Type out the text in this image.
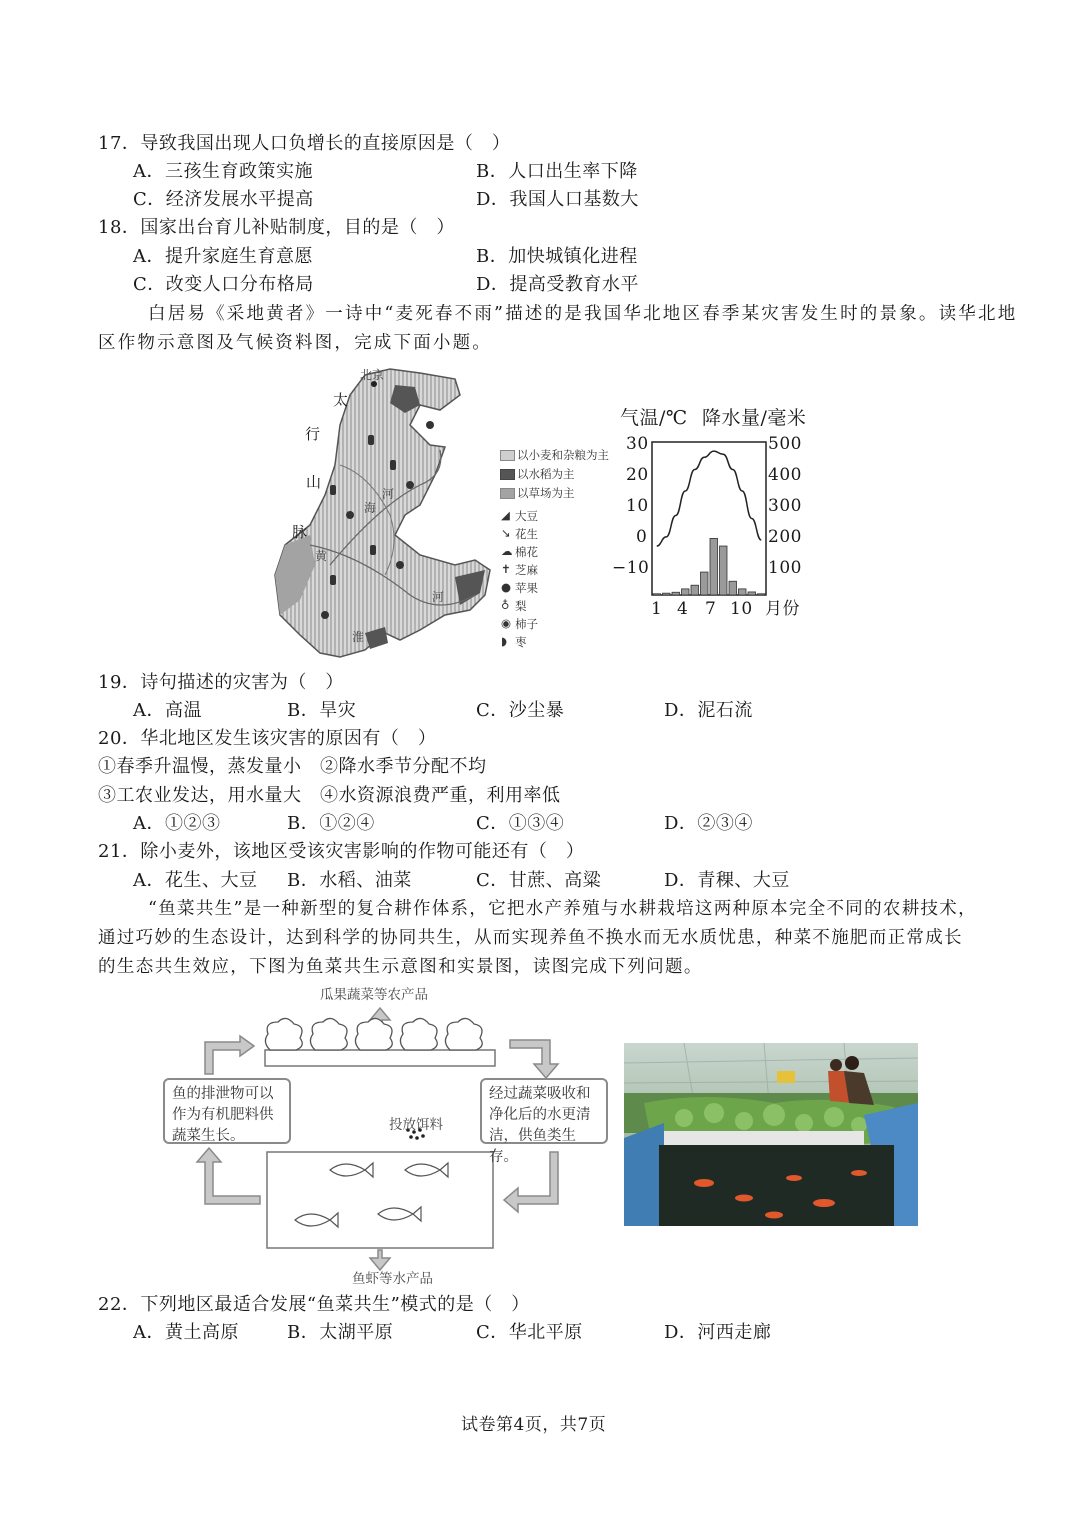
17．导致我国出现人口负增长的直接原因是（　）
A．三孩生育政策实施	B．人口出生率下降
C．经济发展水平提高	D．我国人口基数大
18．国家出台育儿补贴制度，目的是（　）
A．提升家庭生育意愿	B．加快城镇化进程
C．改变人口分布格局	D．提高受教育水平
白居易《采地黄者》一诗中“麦死春不雨”描述的是我国华北地区春季某灾害发生时的景象。读华北地
区作物示意图及气候资料图，完成下面小题。
北京
太
行
山
脉
黄
河
海
河
淮
以小麦和杂粮为主
以水稻为主
以草场为主
◢ 大豆
↘ 花生
☁ 棉花
✝ 芝麻
● 苹果
♁ 梨
◉ 柿子
◗ 枣
气温/℃ 降水量/毫米
30
20
10
0
−10
500
400
300
200
100
1 4 7 10 月份
19．诗句描述的灾害为（　）
A．高温	B．旱灾	C．沙尘暴	D．泥石流
20．华北地区发生该灾害的原因有（　）
①春季升温慢，蒸发量小　②降水季节分配不均
③工农业发达，用水量大　④水资源浪费严重，利用率低
A．①②③	B．①②④	C．①③④	D．②③④
21．除小麦外，该地区受该灾害影响的作物可能还有（　）
A．花生、大豆 B．水稻、油菜	C．甘蔗、高粱	D．青稞、大豆
“鱼菜共生”是一种新型的复合耕作体系，它把水产养殖与水耕栽培这两种原本完全不同的农耕技术，
通过巧妙的生态设计，达到科学的协同共生，从而实现养鱼不换水而无水质忧患，种菜不施肥而正常成长
的生态共生效应，下图为鱼菜共生示意图和实景图，读图完成下列问题。
瓜果蔬菜等农产品
鱼的排泄物可以作为有机肥料供蔬菜生长。
经过蔬菜吸收和净化后的水更清洁，供鱼类生存。
投放饵料
鱼虾等水产品
22．下列地区最适合发展“鱼菜共生”模式的是（　）
A．黄土高原	B．太湖平原	C．华北平原	D．河西走廊
试卷第4页，共7页
